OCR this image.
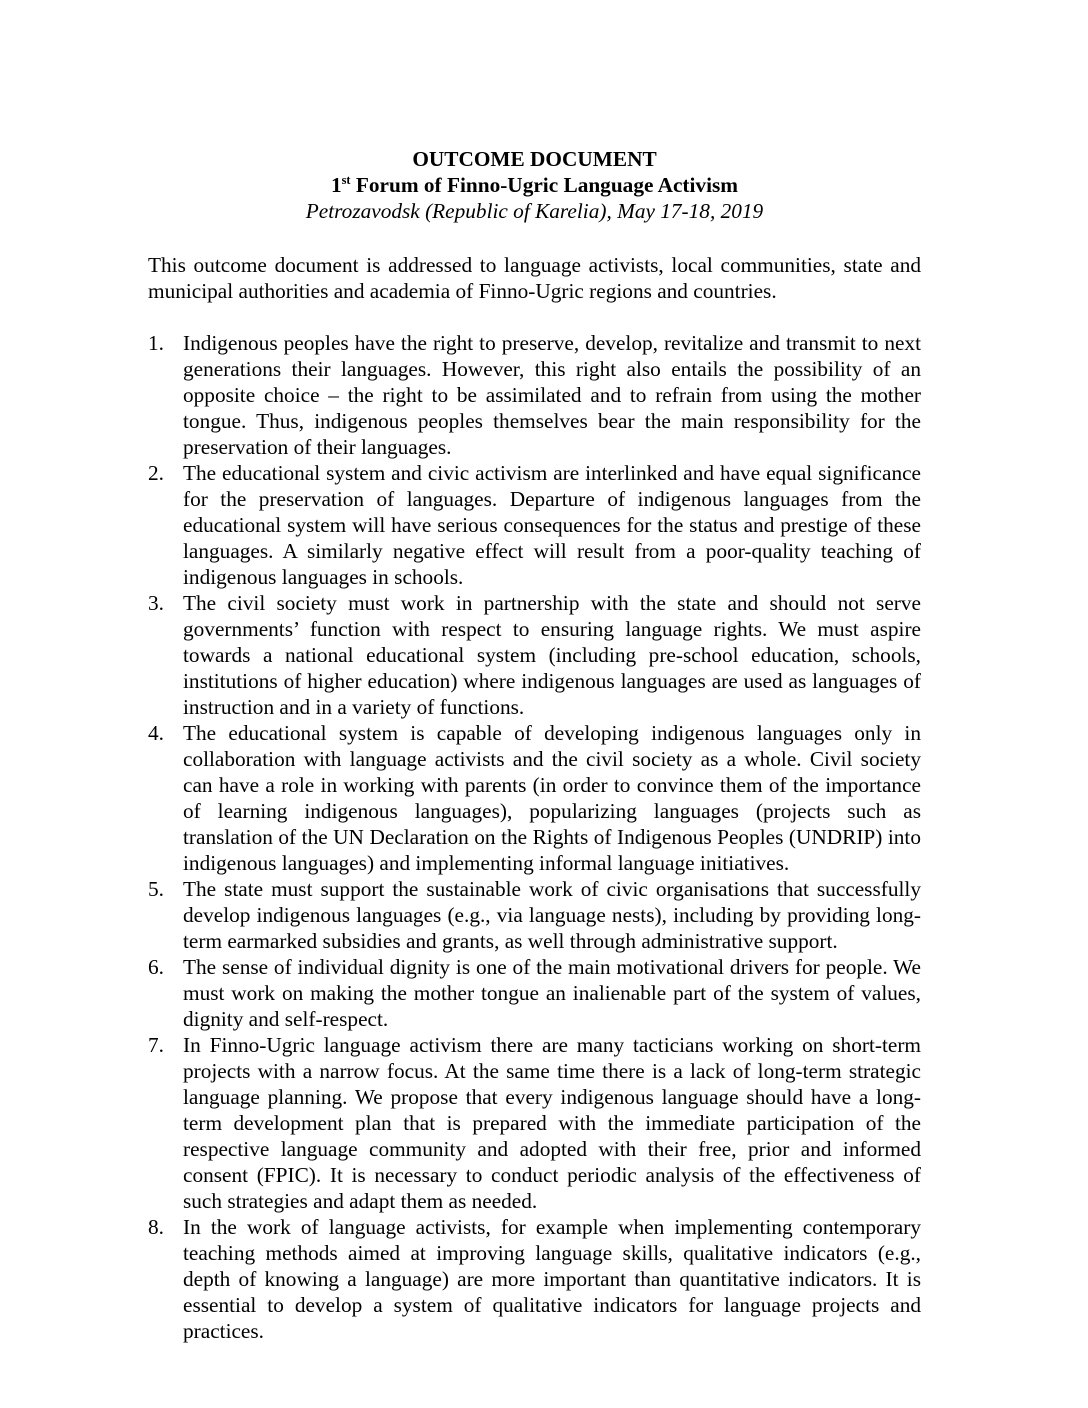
OUTCOME DOCUMENT
1st Forum of Finno-Ugric Language Activism
Petrozavodsk (Republic of Karelia), May 17-18, 2019

This outcome document is addressed to language activists, local communities, state and municipal authorities and academia of Finno-Ugric regions and countries.

1. Indigenous peoples have the right to preserve, develop, revitalize and transmit to next generations their languages. However, this right also entails the possibility of an opposite choice – the right to be assimilated and to refrain from using the mother tongue. Thus, indigenous peoples themselves bear the main responsibility for the preservation of their languages.
2. The educational system and civic activism are interlinked and have equal significance for the preservation of languages. Departure of indigenous languages from the educational system will have serious consequences for the status and prestige of these languages. A similarly negative effect will result from a poor-quality teaching of indigenous languages in schools.
3. The civil society must work in partnership with the state and should not serve governments’ function with respect to ensuring language rights. We must aspire towards a national educational system (including pre-school education, schools, institutions of higher education) where indigenous languages are used as languages of instruction and in a variety of functions.
4. The educational system is capable of developing indigenous languages only in collaboration with language activists and the civil society as a whole. Civil society can have a role in working with parents (in order to convince them of the importance of learning indigenous languages), popularizing languages (projects such as translation of the UN Declaration on the Rights of Indigenous Peoples (UNDRIP) into indigenous languages) and implementing informal language initiatives.
5. The state must support the sustainable work of civic organisations that successfully develop indigenous languages (e.g., via language nests), including by providing long-term earmarked subsidies and grants, as well through administrative support.
6. The sense of individual dignity is one of the main motivational drivers for people. We must work on making the mother tongue an inalienable part of the system of values, dignity and self-respect.
7. In Finno-Ugric language activism there are many tacticians working on short-term projects with a narrow focus. At the same time there is a lack of long-term strategic language planning. We propose that every indigenous language should have a long-term development plan that is prepared with the immediate participation of the respective language community and adopted with their free, prior and informed consent (FPIC). It is necessary to conduct periodic analysis of the effectiveness of such strategies and adapt them as needed.
8. In the work of language activists, for example when implementing contemporary teaching methods aimed at improving language skills, qualitative indicators (e.g., depth of knowing a language) are more important than quantitative indicators. It is essential to develop a system of qualitative indicators for language projects and practices.
